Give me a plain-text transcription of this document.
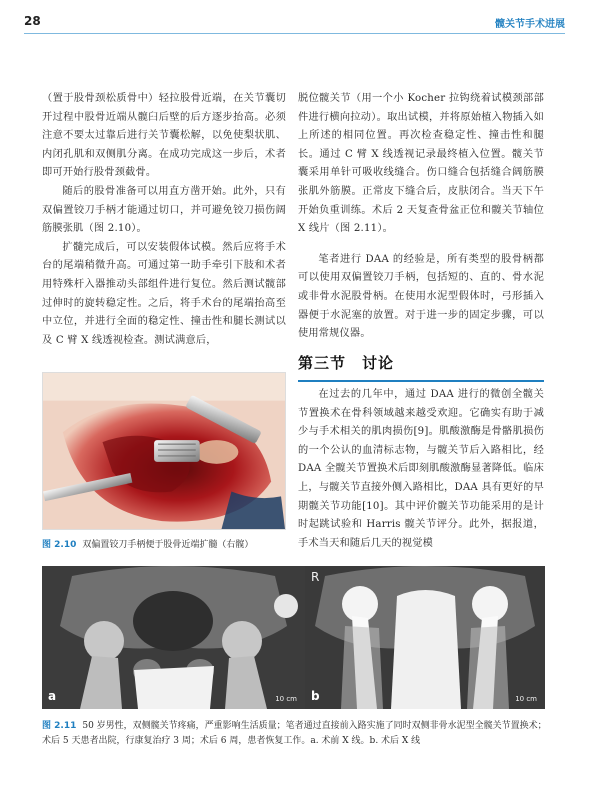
28	髋关节手术进展

（置于股骨颈松质骨中）轻拉股骨近端，在关节囊切开过程中股骨近端从髋臼后壁的后方逐步抬高。必须注意不要太过靠后进行关节囊松解，以免使梨状肌、内闭孔肌和双侧肌分离。在成功完成这一步后，术者即可开始行股骨颈截骨。

随后的股骨准备可以用直方凿开始。此外，只有双偏置铰刀手柄才能通过切口，并可避免铰刀损伤阔筋膜张肌（图 2.10）。

扩髓完成后，可以安装假体试模。然后应将手术台的尾端稍微升高。可通过第一助手牵引下肢和术者用特殊杆入器推动头部组件进行复位。然后测试髋部过伸时的旋转稳定性。之后，将手术台的尾端抬高至中立位，并进行全面的稳定性、撞击性和腿长测试以及 C 臂 X 线透视检查。测试满意后，

脱位髋关节（用一个小 Kocher 拉钩绕着试模颈部部件进行横向拉动）。取出试模，并将原始植入物插入如上所述的相同位置。再次检查稳定性、撞击性和腿长。通过 C 臂 X 线透视记录最终植入位置。髋关节囊采用单针可吸收线缝合。伤口缝合包括缝合阔筋膜张肌外筋膜。正常皮下缝合后，皮肤闭合。当天下午开始负重训练。术后 2 天复查骨盆正位和髋关节轴位 X 线片（图 2.11）。

笔者进行 DAA 的经验是，所有类型的股骨柄都可以使用双偏置铰刀手柄，包括短的、直的、骨水泥或非骨水泥股骨柄。在使用水泥型假体时，弓形插入器便于水泥塞的放置。对于进一步的固定步骤，可以使用常规仪器。

第三节　讨论

在过去的几年中，通过 DAA 进行的微创全髋关节置换术在骨科领域越来越受欢迎。它确实有助于减少与手术相关的肌肉损伤[9]。肌酸激酶是骨骼肌损伤的一个公认的血清标志物，与髋关节后入路相比，经 DAA 全髋关节置换术后即刻肌酸激酶显著降低。临床上，与髋关节直接外侧入路相比，DAA 具有更好的早期髋关节功能[10]。其中评价髋关节功能采用的是计时起跳试验和 Harris 髋关节评分。此外，据报道，手术当天和随后几天的视觉模

图 2.10 双偏置铰刀手柄便于股骨近端扩髓（右髋）
a	10 cm
R
b	10 cm
图 2.11 50 岁男性，双侧髋关节疼痛，严重影响生活质量；笔者通过直接前入路实施了同时双侧非骨水泥型全髋关节置换术；术后 5 天患者出院，行康复治疗 3 周；术后 6 周，患者恢复工作。a. 术前 X 线。b. 术后 X 线
